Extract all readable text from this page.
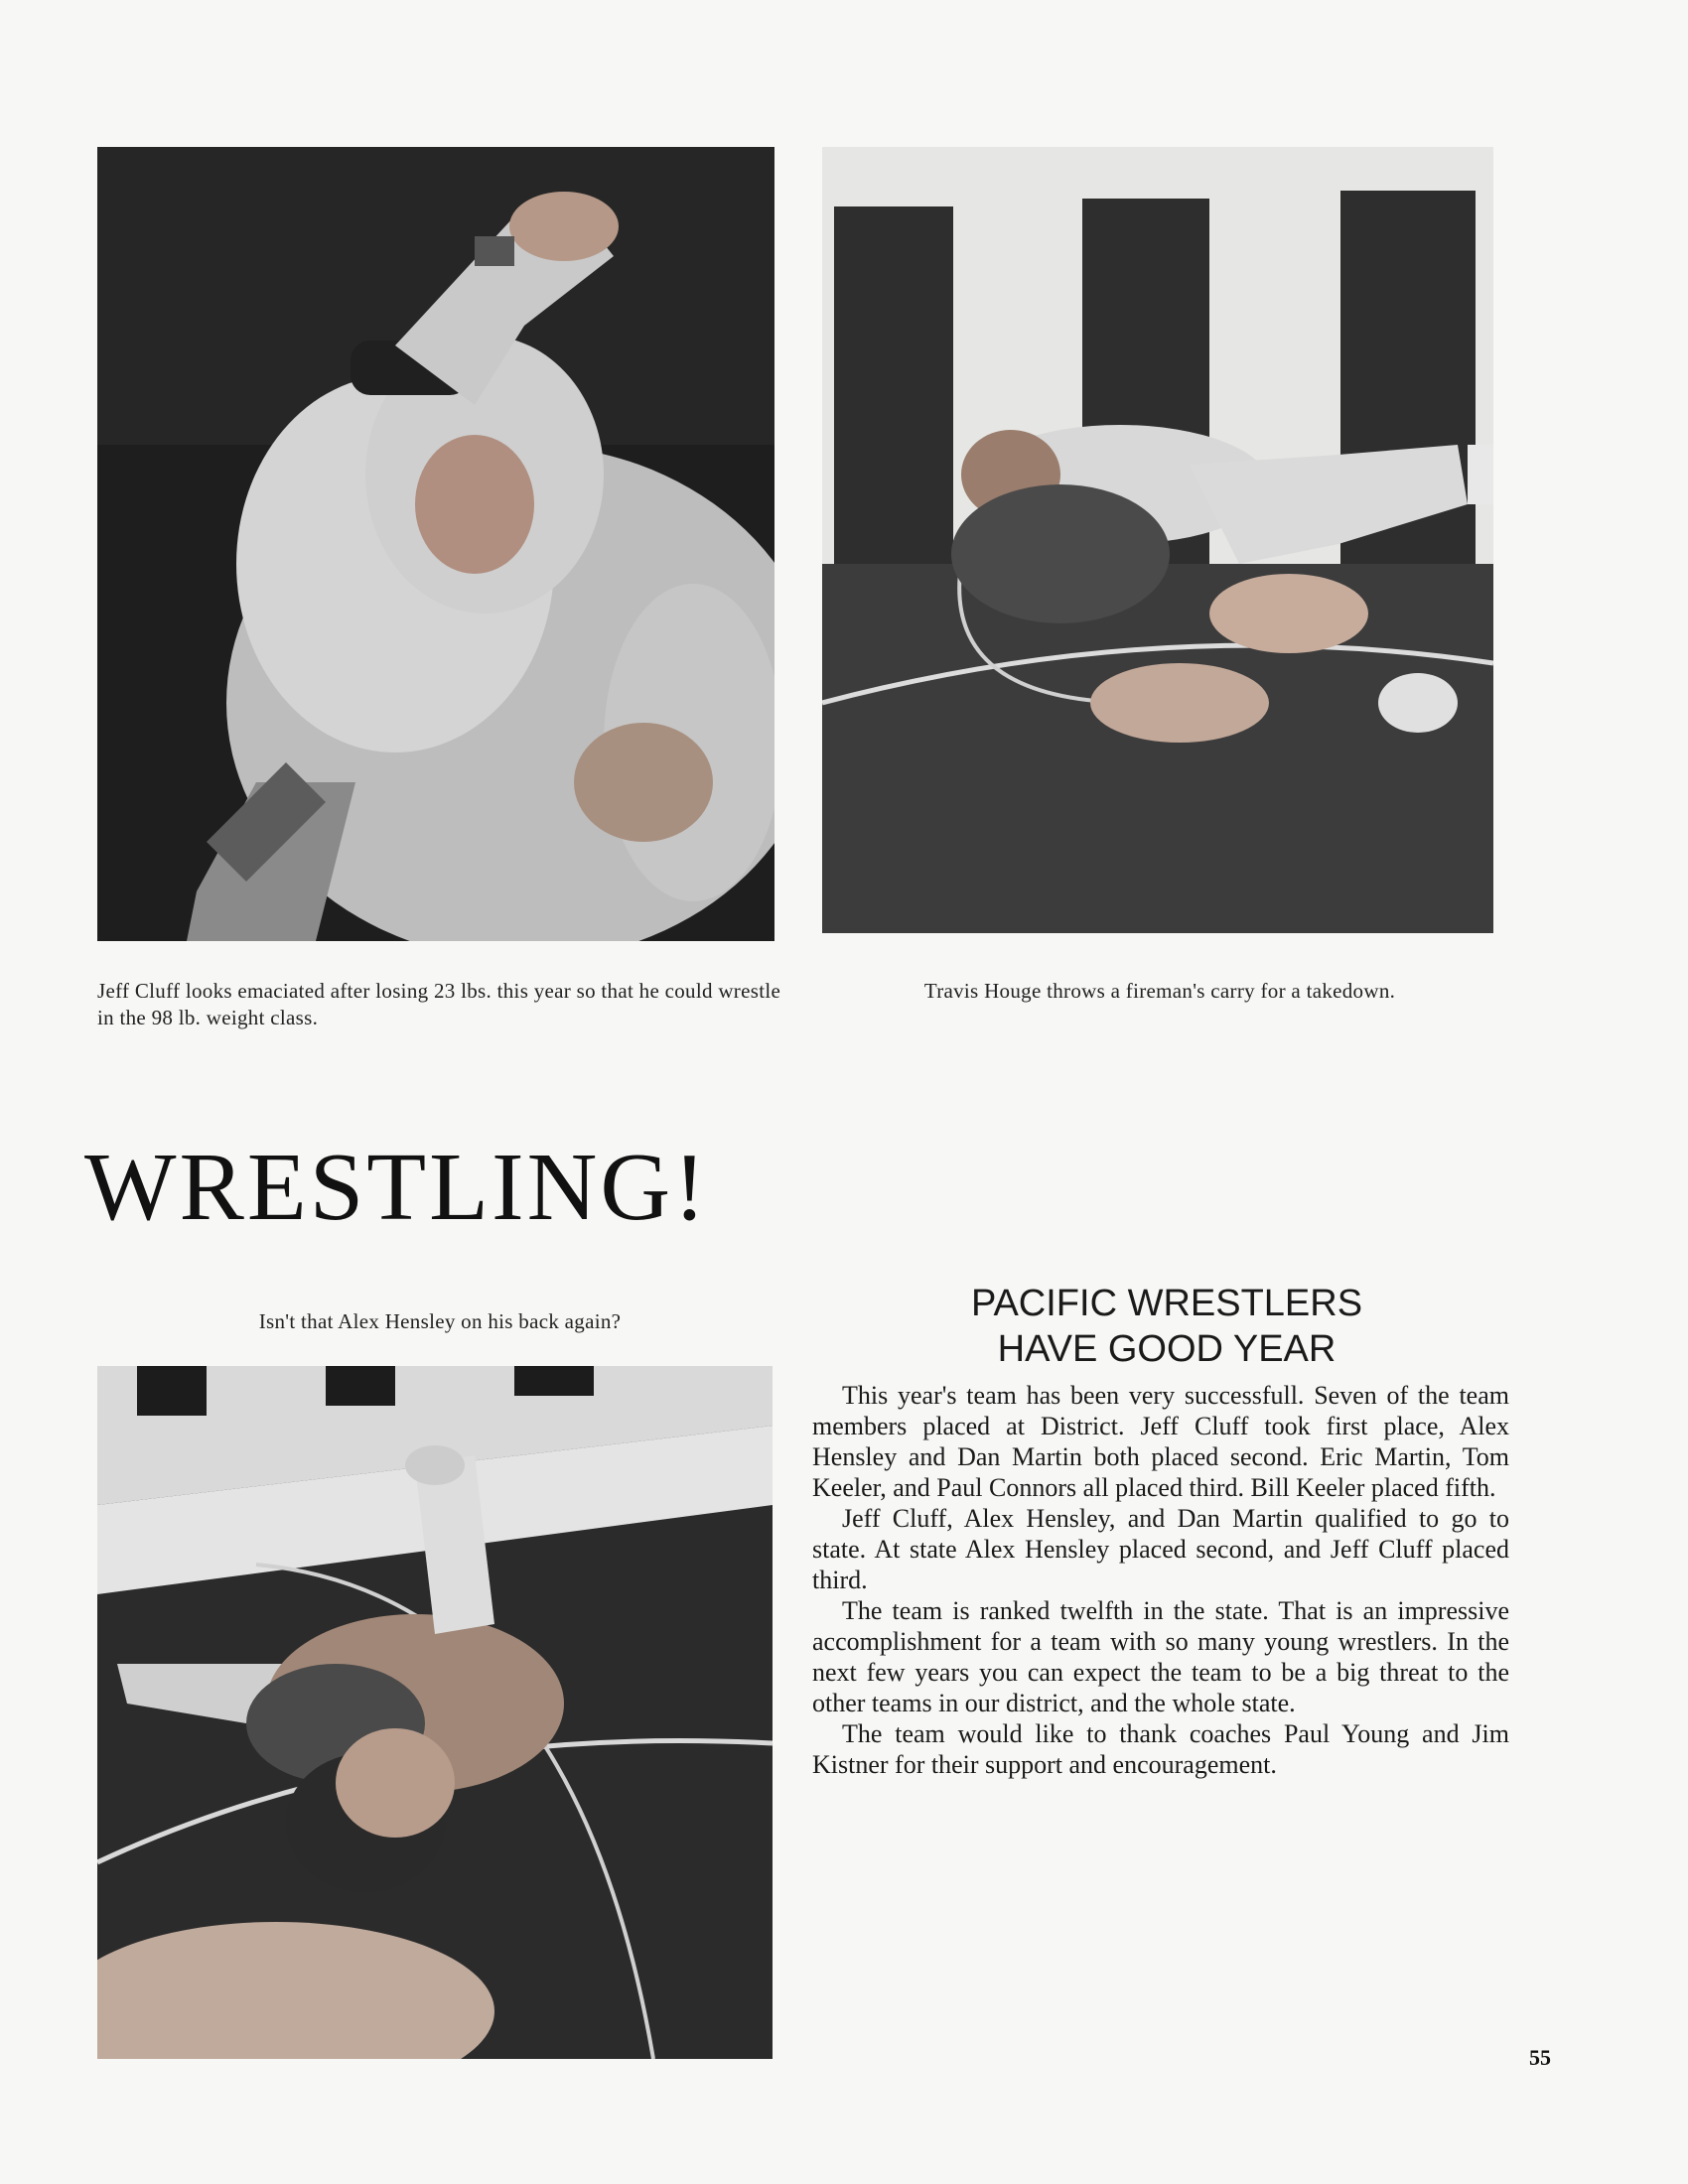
Jeff Cluff looks emaciated after losing 23 lbs. this year so that he could wrestle in the 98 lb. weight class.
Travis Houge throws a fireman's carry for a takedown.
WRESTLING!
Isn't that Alex Hensley on his back again?	PACIFIC WRESTLERS
HAVE GOOD YEAR

This year's team has been very successfull. Seven of the team members placed at District. Jeff Cluff took first place, Alex Hensley and Dan Martin both placed second. Eric Martin, Tom Keeler, and Paul Connors all placed third. Bill Keeler placed fifth.

Jeff Cluff, Alex Hensley, and Dan Martin qualified to go to state. At state Alex Hensley placed second, and Jeff Cluff placed third.

The team is ranked twelfth in the state. That is an impressive accomplishment for a team with so many young wrestlers. In the next few years you can expect the team to be a big threat to the other teams in our district, and the whole state.

The team would like to thank coaches Paul Young and Jim Kistner for their support and encouragement.

55
